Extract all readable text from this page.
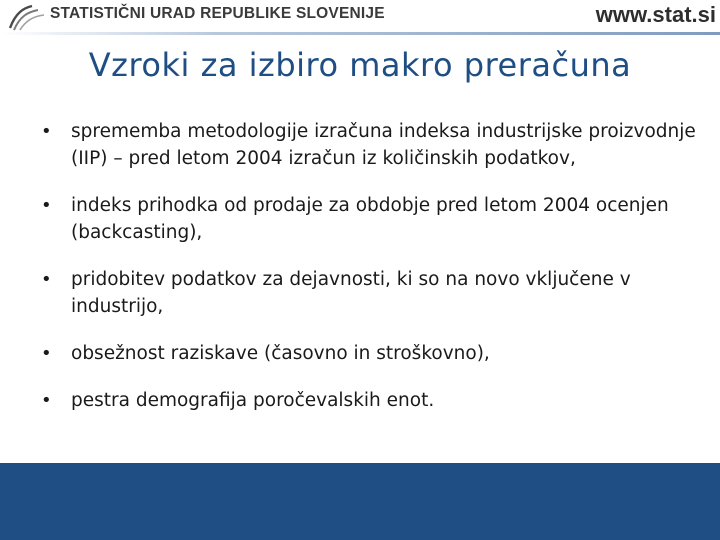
STATISTIČNI URAD REPUBLIKE SLOVENIJE	www.stat.si
Vzroki za izbiro makro preračuna
• sprememba metodologije izračuna indeksa industrijske proizvodnje (IIP) – pred letom 2004 izračun iz količinskih podatkov,
• indeks prihodka od prodaje za obdobje pred letom 2004 ocenjen (backcasting),
• pridobitev podatkov za dejavnosti, ki so na novo vključene v industrijo,
• obsežnost raziskave (časovno in stroškovno),
• pestra demografija poročevalskih enot.
